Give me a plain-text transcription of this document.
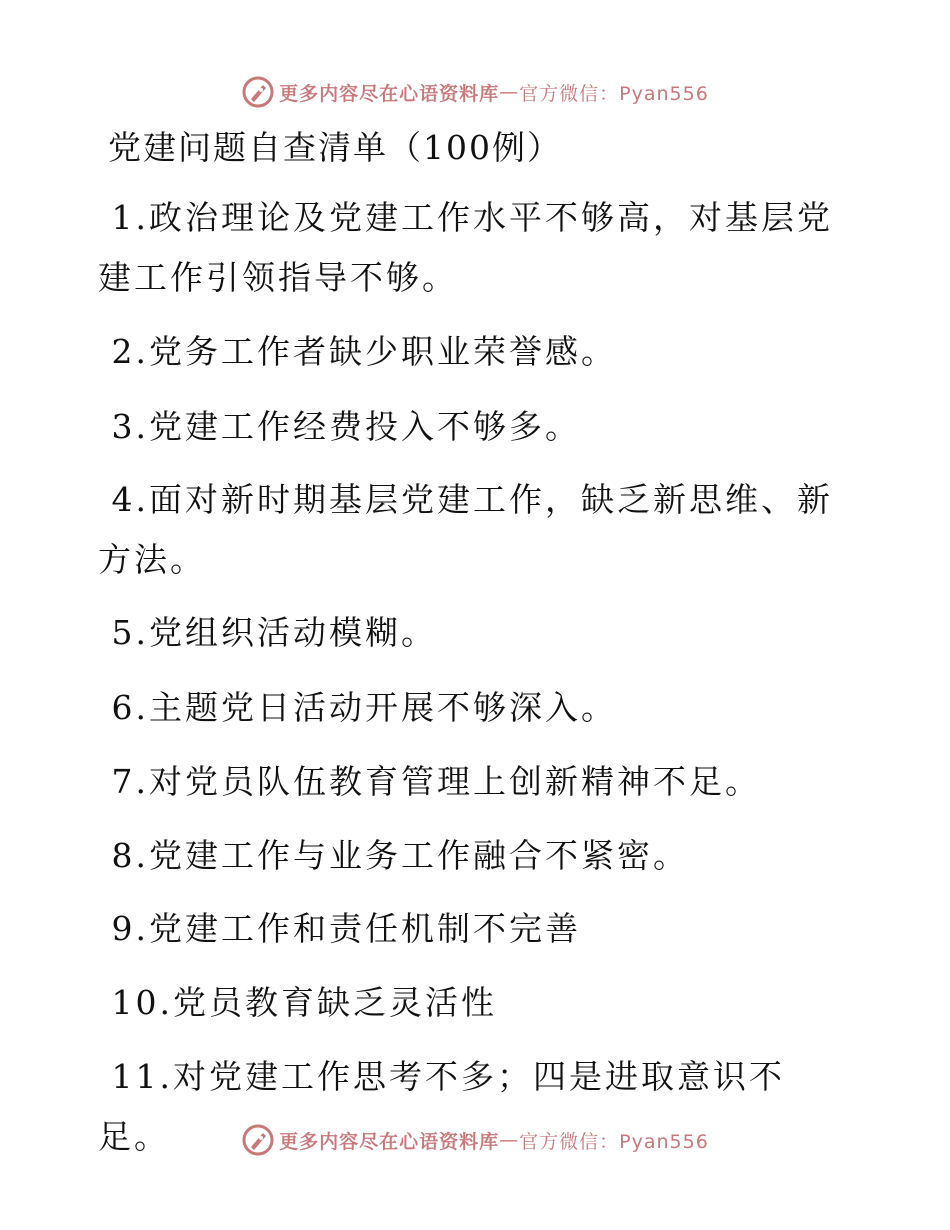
更多内容尽在心语资料库 — 官方微信：Pyan556
党建问题自查清单（100例）
1.政治理论及党建工作水平不够高，对基层党建工作引领指导不够。
2.党务工作者缺少职业荣誉感。
3.党建工作经费投入不够多。
4.面对新时期基层党建工作，缺乏新思维、新方法。
5.党组织活动模糊。
6.主题党日活动开展不够深入。
7.对党员队伍教育管理上创新精神不足。
8.党建工作与业务工作融合不紧密。
9.党建工作和责任机制不完善
10.党员教育缺乏灵活性
11.对党建工作思考不多；四是进取意识不足。	更多内容尽在心语资料库 — 官方微信：Pyan556
